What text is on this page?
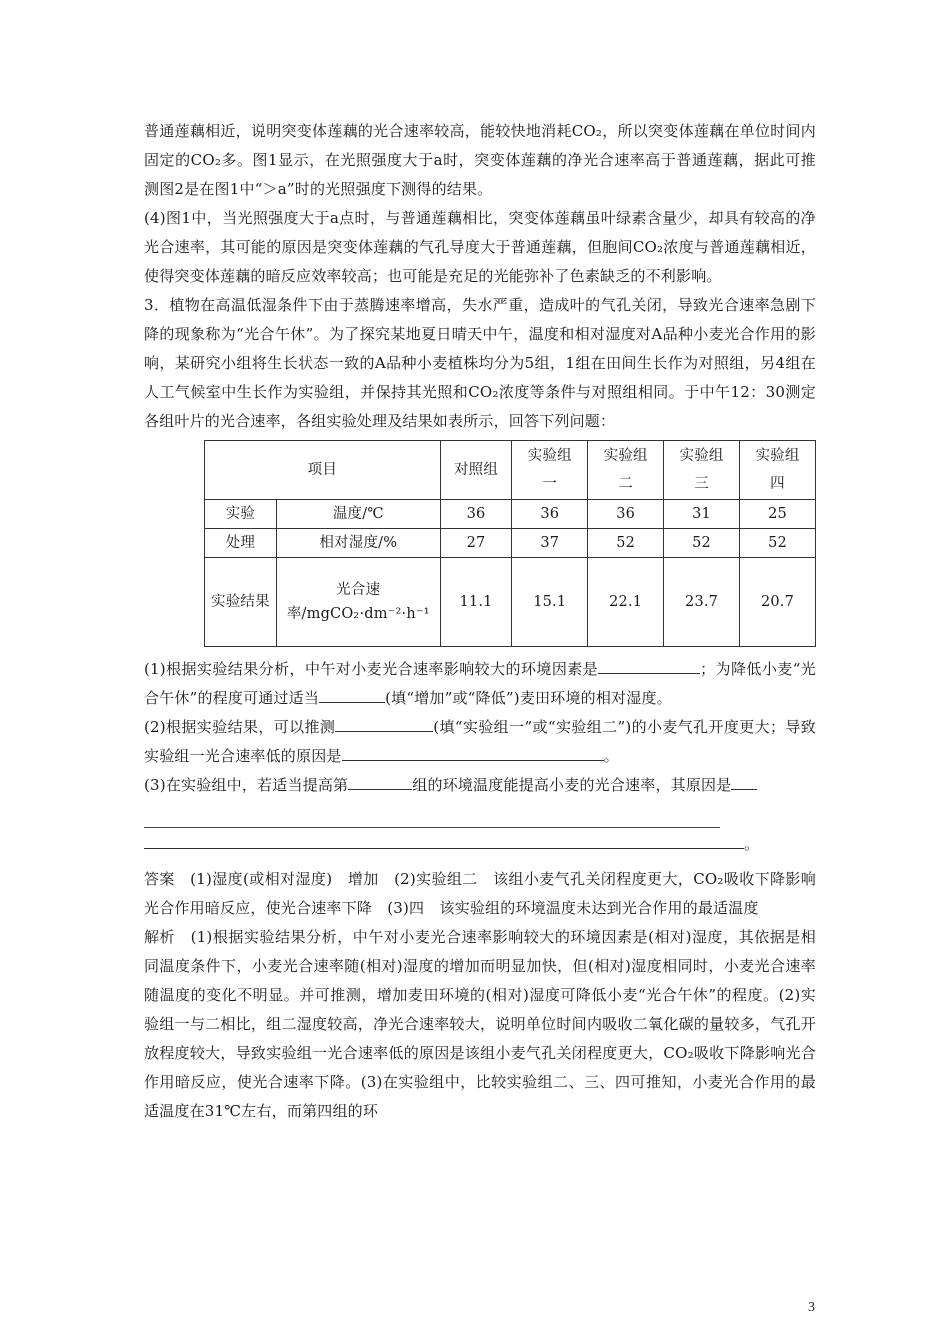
普通莲藕相近，说明突变体莲藕的光合速率较高，能较快地消耗CO₂，所以突变体莲藕在单位时间内固定的CO₂多。图1显示，在光照强度大于a时，突变体莲藕的净光合速率高于普通莲藕，据此可推测图2是在图1中“＞a”时的光照强度下测得的结果。

(4)图1中，当光照强度大于a点时，与普通莲藕相比，突变体莲藕虽叶绿素含量少，却具有较高的净光合速率，其可能的原因是突变体莲藕的气孔导度大于普通莲藕，但胞间CO₂浓度与普通莲藕相近，使得突变体莲藕的暗反应效率较高；也可能是充足的光能弥补了色素缺乏的不利影响。

3．植物在高温低湿条件下由于蒸腾速率增高，失水严重，造成叶的气孔关闭，导致光合速率急剧下降的现象称为“光合午休”。为了探究某地夏日晴天中午，温度和相对湿度对A品种小麦光合作用的影响，某研究小组将生长状态一致的A品种小麦植株均分为5组，1组在田间生长作为对照组，另4组在人工气候室中生长作为实验组，并保持其光照和CO₂浓度等条件与对照组相同。于中午12：30测定各组叶片的光合速率，各组实验处理及结果如表所示，回答下列问题：

项目		对照组	实验组一	实验组二	实验组三	实验组四
实验	温度/℃	36	36	36	31	25
处理	相对湿度/%	27	37	52	52	52
实验结果	光合速率/mgCO₂·dm⁻²·h⁻¹	11.1	15.1	22.1	23.7	20.7

(1)根据实验结果分析，中午对小麦光合速率影响较大的环境因素是	；为降低小麦“光合午休”的程度可通过适当	(填“增加”或“降低”)麦田环境的相对湿度。

(2)根据实验结果，可以推测	(填“实验组一”或“实验组二”)的小麦气孔开度更大；导致实验组一光合速率低的原因是	。

(3)在实验组中，若适当提高第	组的环境温度能提高小麦的光合速率，其原因是

。

答案　(1)湿度(或相对湿度)　增加　(2)实验组二　该组小麦气孔关闭程度更大，CO₂吸收下降影响光合作用暗反应，使光合速率下降　(3)四　该实验组的环境温度未达到光合作用的最适温度

解析　(1)根据实验结果分析，中午对小麦光合速率影响较大的环境因素是(相对)湿度，其依据是相同温度条件下，小麦光合速率随(相对)湿度的增加而明显加快，但(相对)湿度相同时，小麦光合速率随温度的变化不明显。并可推测，增加麦田环境的(相对)湿度可降低小麦“光合午休”的程度。(2)实验组一与二相比，组二湿度较高，净光合速率较大，说明单位时间内吸收二氧化碳的量较多，气孔开放程度较大，导致实验组一光合速率低的原因是该组小麦气孔关闭程度更大，CO₂吸收下降影响光合作用暗反应，使光合速率下降。(3)在实验组中，比较实验组二、三、四可推知，小麦光合作用的最适温度在31℃左右，而第四组的环

3
